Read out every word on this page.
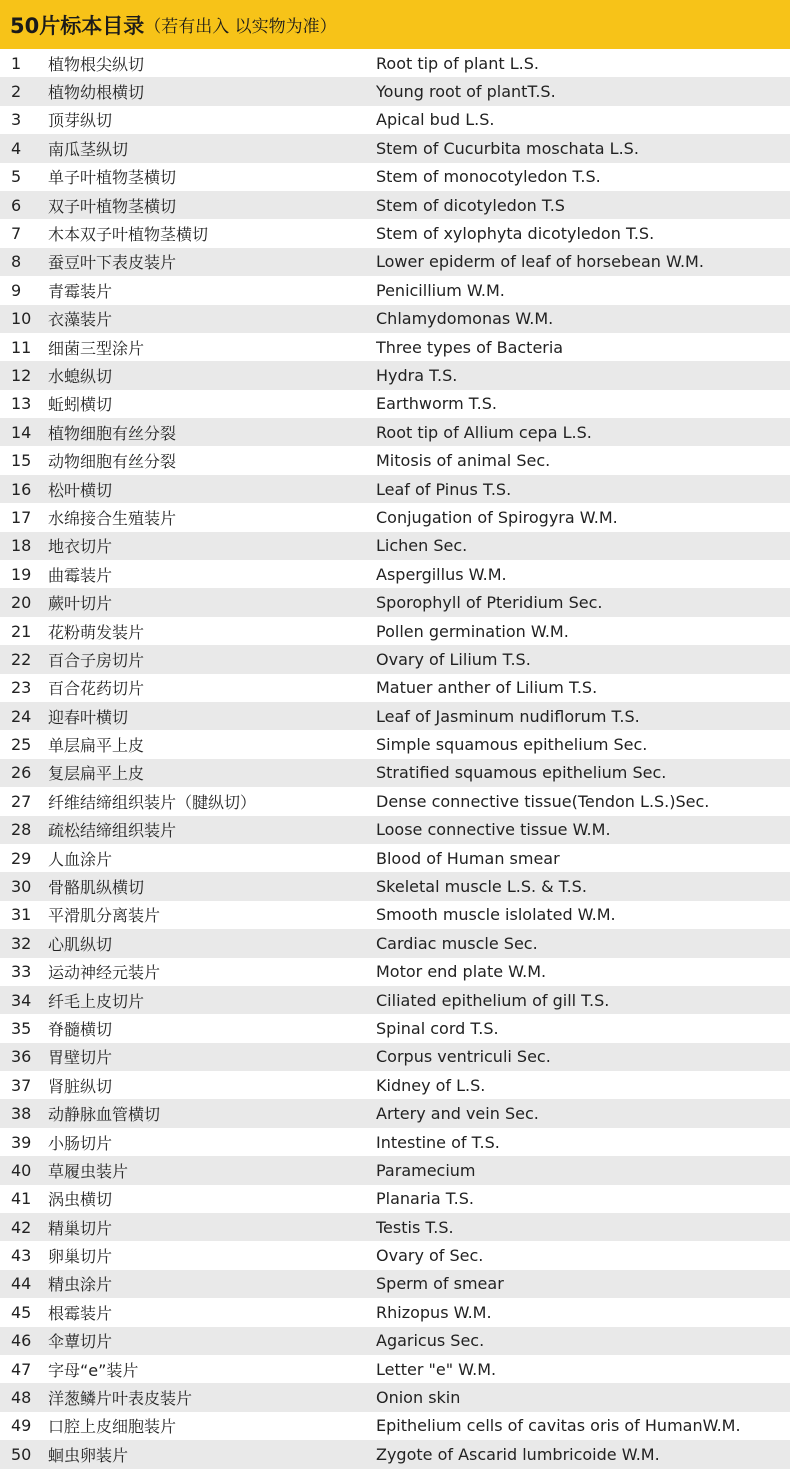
50片标本目录 （若有出入 以实物为准）
1	植物根尖纵切	Root tip of plant L.S.
2	植物幼根横切	Young root of plantT.S.
3	顶芽纵切	Apical bud L.S.
4	南瓜茎纵切	Stem of Cucurbita moschata L.S.
5	单子叶植物茎横切	Stem of monocotyledon T.S.
6	双子叶植物茎横切	Stem of dicotyledon T.S
7	木本双子叶植物茎横切	Stem of xylophyta dicotyledon T.S.
8	蚕豆叶下表皮装片	Lower epiderm of leaf of horsebean W.M.
9	青霉装片	Penicillium W.M.
10	衣藻装片	Chlamydomonas W.M.
11	细菌三型涂片	Three types of Bacteria
12	水螅纵切	Hydra T.S.
13	蚯蚓横切	Earthworm T.S.
14	植物细胞有丝分裂	Root tip of Allium cepa L.S.
15	动物细胞有丝分裂	Mitosis of animal Sec.
16	松叶横切	Leaf of Pinus T.S.
17	水绵接合生殖装片	Conjugation of Spirogyra W.M.
18	地衣切片	Lichen Sec.
19	曲霉装片	Aspergillus W.M.
20	蕨叶切片	Sporophyll of Pteridium Sec.
21	花粉萌发装片	Pollen germination W.M.
22	百合子房切片	Ovary of Lilium T.S.
23	百合花药切片	Matuer anther of Lilium T.S.
24	迎春叶横切	Leaf of Jasminum nudiflorum T.S.
25	单层扁平上皮	Simple squamous epithelium Sec.
26	复层扁平上皮	Stratified squamous epithelium Sec.
27	纤维结缔组织装片（腱纵切）	Dense connective tissue(Tendon L.S.)Sec.
28	疏松结缔组织装片	Loose connective tissue W.M.
29	人血涂片	Blood of Human smear
30	骨骼肌纵横切	Skeletal muscle L.S. & T.S.
31	平滑肌分离装片	Smooth muscle islolated W.M.
32	心肌纵切	Cardiac muscle Sec.
33	运动神经元装片	Motor end plate W.M.
34	纤毛上皮切片	Ciliated epithelium of gill T.S.
35	脊髓横切	Spinal cord T.S.
36	胃壁切片	Corpus ventriculi Sec.
37	肾脏纵切	Kidney of L.S.
38	动静脉血管横切	Artery and vein Sec.
39	小肠切片	Intestine of T.S.
40	草履虫装片	Paramecium
41	涡虫横切	Planaria T.S.
42	精巢切片	Testis T.S.
43	卵巢切片	Ovary of Sec.
44	精虫涂片	Sperm of smear
45	根霉装片	Rhizopus W.M.
46	伞蕈切片	Agaricus Sec.
47	字母“e”装片	Letter "e" W.M.
48	洋葱鳞片叶表皮装片	Onion skin
49	口腔上皮细胞装片	Epithelium cells of cavitas oris of HumanW.M.
50	蛔虫卵装片	Zygote of Ascarid lumbricoide W.M.
